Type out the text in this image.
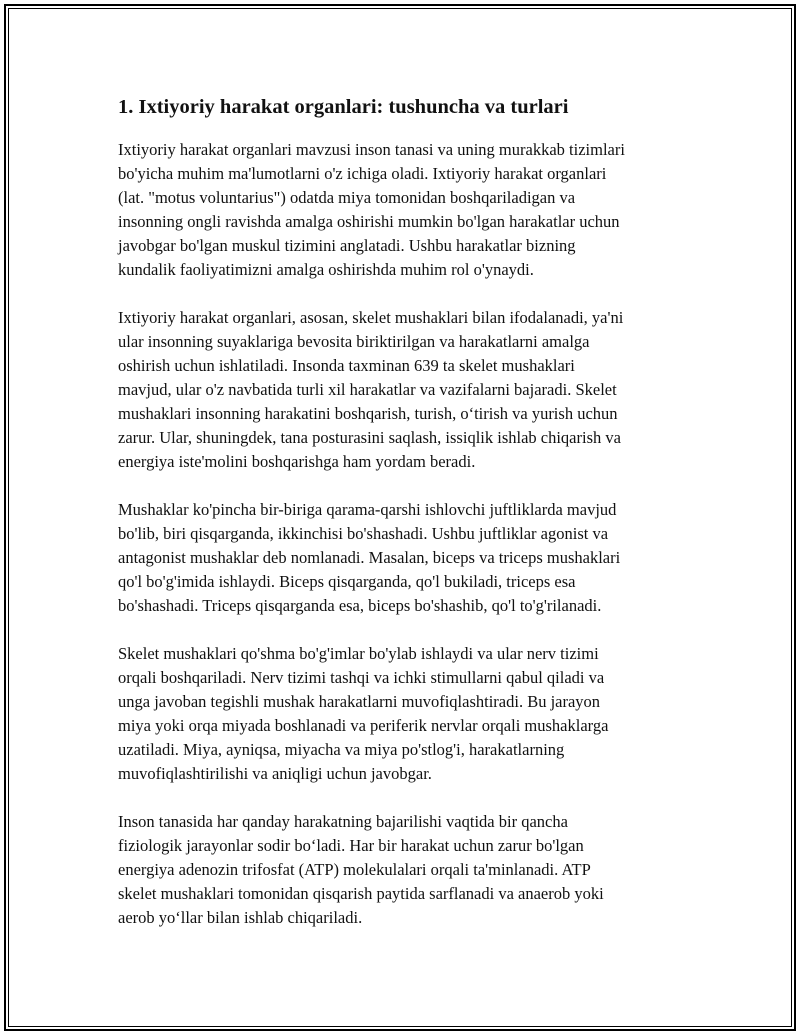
1. Ixtiyoriy harakat organlari: tushuncha va turlari

Ixtiyoriy harakat organlari mavzusi inson tanasi va uning murakkab tizimlari
bo'yicha muhim ma'lumotlarni o'z ichiga oladi. Ixtiyoriy harakat organlari
(lat. "motus voluntarius") odatda miya tomonidan boshqariladigan va
insonning ongli ravishda amalga oshirishi mumkin bo'lgan harakatlar uchun
javobgar bo'lgan muskul tizimini anglatadi. Ushbu harakatlar bizning
kundalik faoliyatimizni amalga oshirishda muhim rol o'ynaydi.

Ixtiyoriy harakat organlari, asosan, skelet mushaklari bilan ifodalanadi, ya'ni
ular insonning suyaklariga bevosita biriktirilgan va harakatlarni amalga
oshirish uchun ishlatiladi. Insonda taxminan 639 ta skelet mushaklari
mavjud, ular o'z navbatida turli xil harakatlar va vazifalarni bajaradi. Skelet
mushaklari insonning harakatini boshqarish, turish, o‘tirish va yurish uchun
zarur. Ular, shuningdek, tana posturasini saqlash, issiqlik ishlab chiqarish va
energiya iste'molini boshqarishga ham yordam beradi.

Mushaklar ko'pincha bir-biriga qarama-qarshi ishlovchi juftliklarda mavjud
bo'lib, biri qisqarganda, ikkinchisi bo'shashadi. Ushbu juftliklar agonist va
antagonist mushaklar deb nomlanadi. Masalan, biceps va triceps mushaklari
qo'l bo'g'imida ishlaydi. Biceps qisqarganda, qo'l bukiladi, triceps esa
bo'shashadi. Triceps qisqarganda esa, biceps bo'shashib, qo'l to'g'rilanadi.

Skelet mushaklari qo'shma bo'g'imlar bo'ylab ishlaydi va ular nerv tizimi
orqali boshqariladi. Nerv tizimi tashqi va ichki stimullarni qabul qiladi va
unga javoban tegishli mushak harakatlarni muvofiqlashtiradi. Bu jarayon
miya yoki orqa miyada boshlanadi va periferik nervlar orqali mushaklarga
uzatiladi. Miya, ayniqsa, miyacha va miya po'stlog'i, harakatlarning
muvofiqlashtirilishi va aniqligi uchun javobgar.

Inson tanasida har qanday harakatning bajarilishi vaqtida bir qancha
fiziologik jarayonlar sodir bo‘ladi. Har bir harakat uchun zarur bo'lgan
energiya adenozin trifosfat (ATP) molekulalari orqali ta'minlanadi. ATP
skelet mushaklari tomonidan qisqarish paytida sarflanadi va anaerob yoki
aerob yo‘llar bilan ishlab chiqariladi.
